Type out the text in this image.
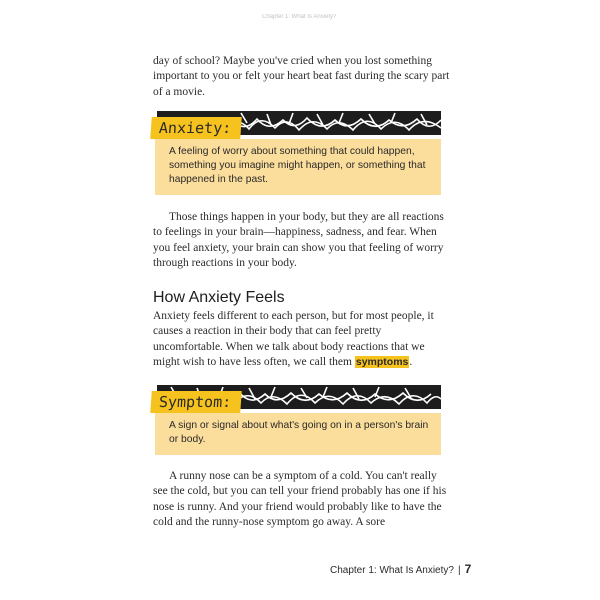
Chapter 1: What Is Anxiety?

day of school? Maybe you've cried when you lost something important to you or felt your heart beat fast during the scary part of a movie.

Anxiety:
A feeling of worry about something that could happen, something you imagine might happen, or something that happened in the past.

Those things happen in your body, but they are all reactions to feelings in your brain—happiness, sadness, and fear. When you feel anxiety, your brain can show you that feeling of worry through reactions in your body.

How Anxiety Feels

Anxiety feels different to each person, but for most people, it causes a reaction in their body that can feel pretty uncomfortable. When we talk about body reactions that we might wish to have less often, we call them symptoms.

Symptom:
A sign or signal about what's going on in a person's brain or body.

A runny nose can be a symptom of a cold. You can't really see the cold, but you can tell your friend probably has one if his nose is runny. And your friend would probably like to have the cold and the runny-nose symptom go away. A sore

Chapter 1: What Is Anxiety? | 7
